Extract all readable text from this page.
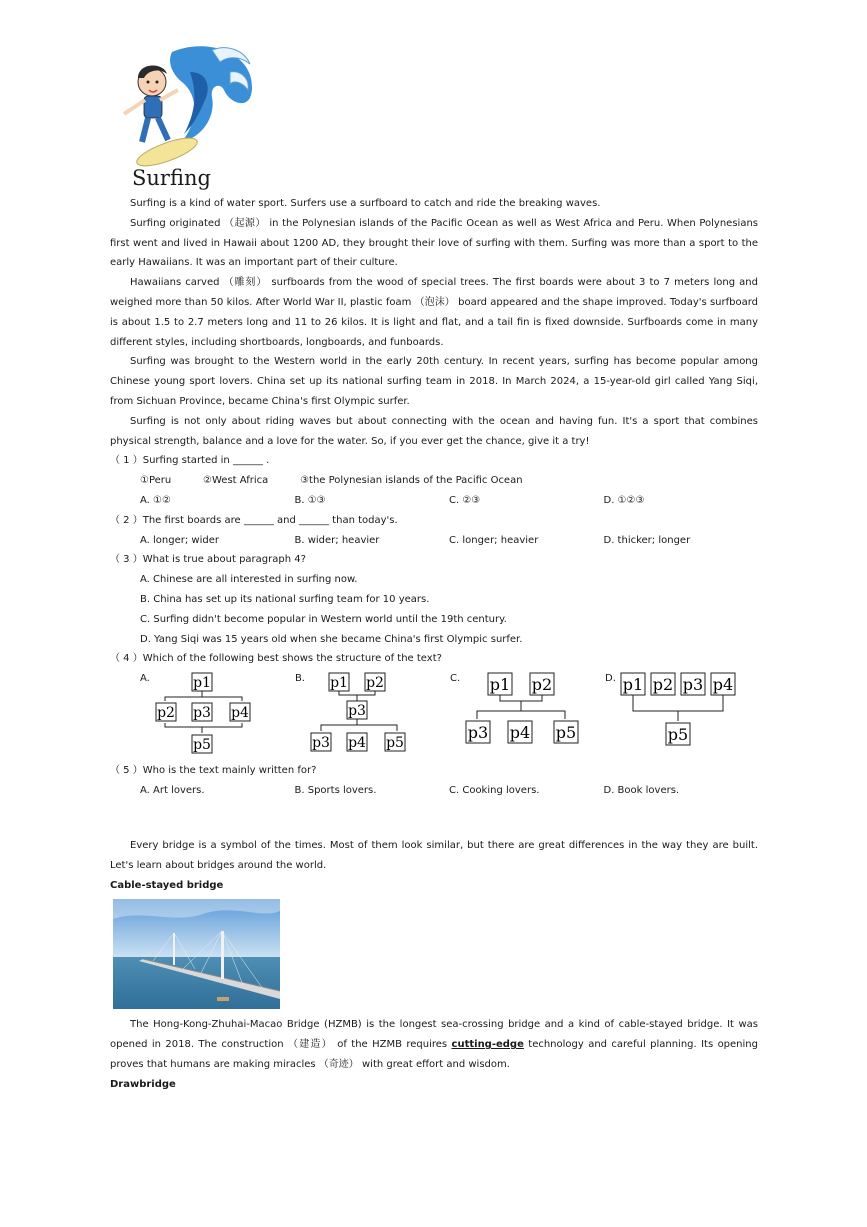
Surfing

Surfing is a kind of water sport. Surfers use a surfboard to catch and ride the breaking waves.

Surfing originated （起源） in the Polynesian islands of the Pacific Ocean as well as West Africa and Peru. When Polynesians first went and lived in Hawaii about 1200 AD, they brought their love of surfing with them. Surfing was more than a sport to the early Hawaiians. It was an important part of their culture.

Hawaiians carved （雕刻） surfboards from the wood of special trees. The first boards were about 3 to 7 meters long and weighed more than 50 kilos. After World War II, plastic foam （泡沫） board appeared and the shape improved. Today's surfboard is about 1.5 to 2.7 meters long and 11 to 26 kilos. It is light and flat, and a tail fin is fixed downside. Surfboards come in many different styles, including shortboards, longboards, and funboards.

Surfing was brought to the Western world in the early 20th century. In recent years, surfing has become popular among Chinese young sport lovers. China set up its national surfing team in 2018. In March 2024, a 15-year-old girl called Yang Siqi, from Sichuan Province, became China's first Olympic surfer.

Surfing is not only about riding waves but about connecting with the ocean and having fun. It's a sport that combines physical strength, balance and a love for the water. So, if you ever get the chance, give it a try!

（ 1 ）Surfing started in ______ .
①Peru          ②West Africa          ③the Polynesian islands of the Pacific Ocean
A. ①②	B. ①③	C. ②③	D. ①②③
（ 2 ）The first boards are ______ and ______ than today's.
A. longer; wider	B. wider; heavier	C. longer; heavier	D. thicker; longer
（ 3 ）What is true about paragraph 4?
A. Chinese are all interested in surfing now.
B. China has set up its national surfing team for 10 years.
C. Surfing didn't become popular in Western world until the 19th century.
D. Yang Siqi was 15 years old when she became China's first Olympic surfer.
（ 4 ）Which of the following best shows the structure of the text?
A.	p1
p2 p3 p4
p5
B. p1 p2
p3
p3 p4 p5
C. p1 p2
p3 p4 p5
D. p1 p2 p3 p4
p5
（ 5 ）Who is the text mainly written for?
A. Art lovers.	B. Sports lovers.	C. Cooking lovers.	D. Book lovers.

Every bridge is a symbol of the times. Most of them look similar, but there are great differences in the way they are built. Let's learn about bridges around the world.

Cable-stayed bridge

The Hong-Kong-Zhuhai-Macao Bridge (HZMB) is the longest sea-crossing bridge and a kind of cable-stayed bridge. It was opened in 2018. The construction （建造） of the HZMB requires cutting-edge technology and careful planning. Its opening proves that humans are making miracles （奇迹） with great effort and wisdom.

Drawbridge
